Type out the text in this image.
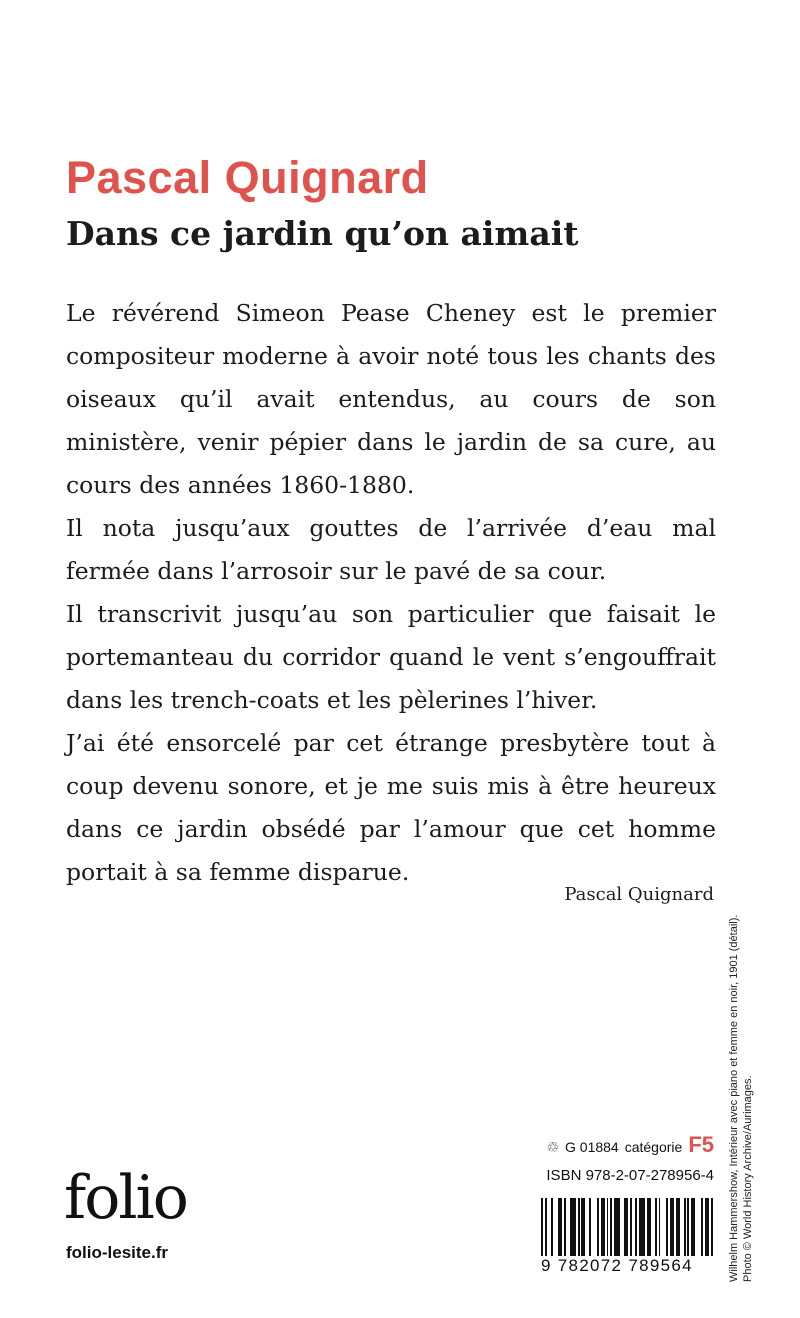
Pascal Quignard
Dans ce jardin qu’on aimait

Le révérend Simeon Pease Cheney est le premier compositeur moderne à avoir noté tous les chants des oiseaux qu’il avait entendus, au cours de son ministère, venir pépier dans le jardin de sa cure, au cours des années 1860-1880.

Il nota jusqu’aux gouttes de l’arrivée d’eau mal fermée dans l’arrosoir sur le pavé de sa cour.

Il transcrivit jusqu’au son particulier que faisait le portemanteau du corridor quand le vent s’engouffrait dans les trench-coats et les pèlerines l’hiver.

J’ai été ensorcelé par cet étrange presbytère tout à coup devenu sonore, et je me suis mis à être heureux dans ce jardin obsédé par l’amour que cet homme portait à sa femme disparue.

Pascal Quignard
Wilhelm Hammershow, Intérieur avec piano et femme en noir, 1901 (détail). Photo © World History Archive/Aurimages.
♲ G 01884 catégorie F5
ISBN 978-2-07-278956-4
9 782072 789564
folio
folio-lesite.fr
